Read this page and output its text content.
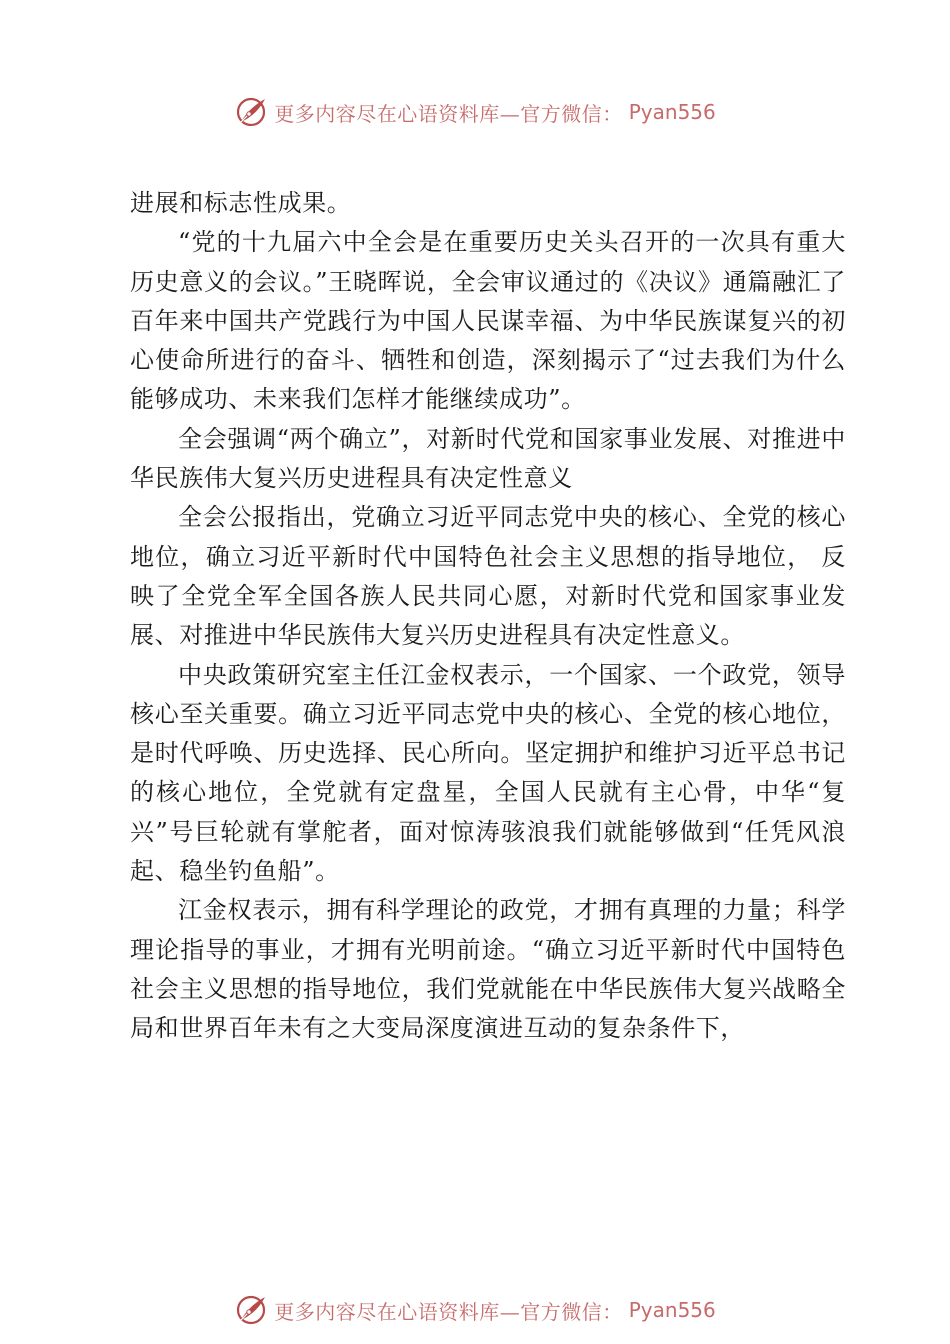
更多内容尽在心语资料库—官方微信： Pyan556

进展和标志性成果。

“党的十九届六中全会是在重要历史关头召开的一次具有重大历史意义的会议。”王晓晖说，全会审议通过的《决议》通篇融汇了百年来中国共产党践行为中国人民谋幸福、为中华民族谋复兴的初心使命所进行的奋斗、牺牲和创造，深刻揭示了“过去我们为什么能够成功、未来我们怎样才能继续成功”。

全会强调“两个确立”，对新时代党和国家事业发展、对推进中华民族伟大复兴历史进程具有决定性意义

全会公报指出，党确立习近平同志党中央的核心、全党的核心地位，确立习近平新时代中国特色社会主义思想的指导地位， 反映了全党全军全国各族人民共同心愿，对新时代党和国家事业发展、对推进中华民族伟大复兴历史进程具有决定性意义。

中央政策研究室主任江金权表示，一个国家、一个政党，领导核心至关重要。确立习近平同志党中央的核心、全党的核心地位，是时代呼唤、历史选择、民心所向。坚定拥护和维护习近平总书记的核心地位，全党就有定盘星，全国人民就有主心骨，中华“复兴”号巨轮就有掌舵者，面对惊涛骇浪我们就能够做到“任凭风浪起、稳坐钓鱼船”。

江金权表示，拥有科学理论的政党，才拥有真理的力量；科学理论指导的事业，才拥有光明前途。“确立习近平新时代中国特色社会主义思想的指导地位，我们党就能在中华民族伟大复兴战略全局和世界百年未有之大变局深度演进互动的复杂条件下，

更多内容尽在心语资料库—官方微信： Pyan556
